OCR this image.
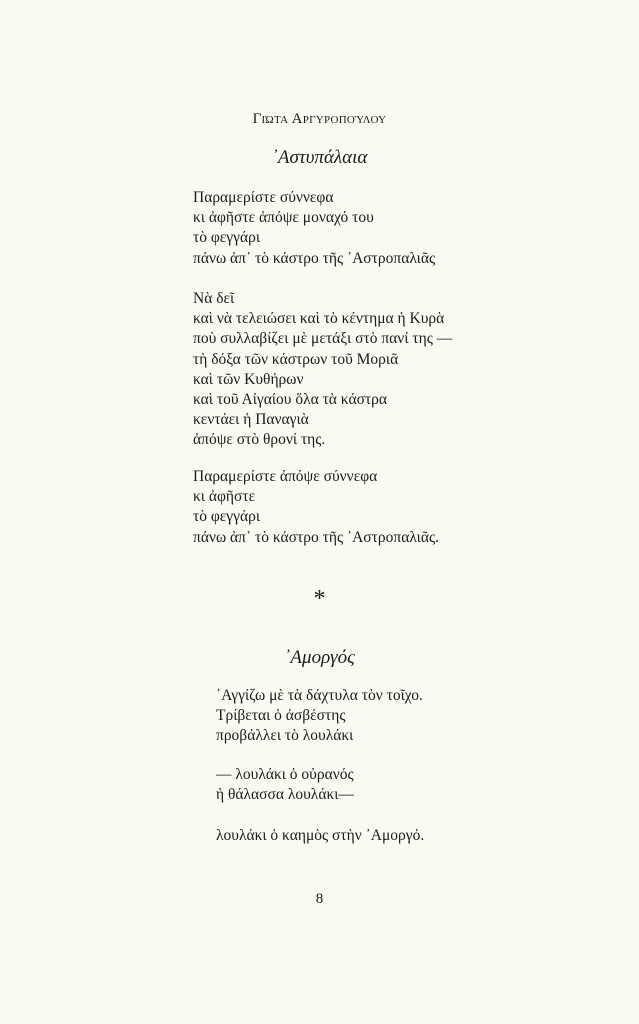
Γιώτα Αργυροπούλου
᾿Αστυπάλαια
Παραμερίστε σύννεφα
κι ἀφῆστε ἀπόψε μοναχό του
τὸ φεγγάρι
πάνω ἀπ᾿ τὸ κάστρο τῆς ᾿Αστροπαλιᾶς
Νὰ δεῖ
καὶ νὰ τελειώσει καὶ τὸ κέντημα ἡ Κυρὰ
ποὺ συλλαβίζει μὲ μετάξι στὸ πανί της —
τὴ δόξα τῶν κάστρων τοῦ Μοριᾶ
καὶ τῶν Κυθήρων
καὶ τοῦ Αἰγαίου ὅλα τὰ κάστρα
κεντάει ἡ Παναγιὰ
ἀπόψε στὸ θρονί της.
Παραμερίστε ἀπόψε σύννεφα
κι ἀφῆστε
τὸ φεγγάρι
πάνω ἀπ᾿ τὸ κάστρο τῆς ᾿Αστροπαλιᾶς.
*
᾿Αμοργός
᾿Αγγίζω μὲ τὰ δάχτυλα τὸν τοῖχο.
Τρίβεται ὁ ἀσβέστης
προβάλλει τὸ λουλάκι
— λουλάκι ὁ οὐρανός
ἡ θάλασσα λουλάκι—
λουλάκι ὁ καημὸς στὴν ᾿Αμοργό.
8
